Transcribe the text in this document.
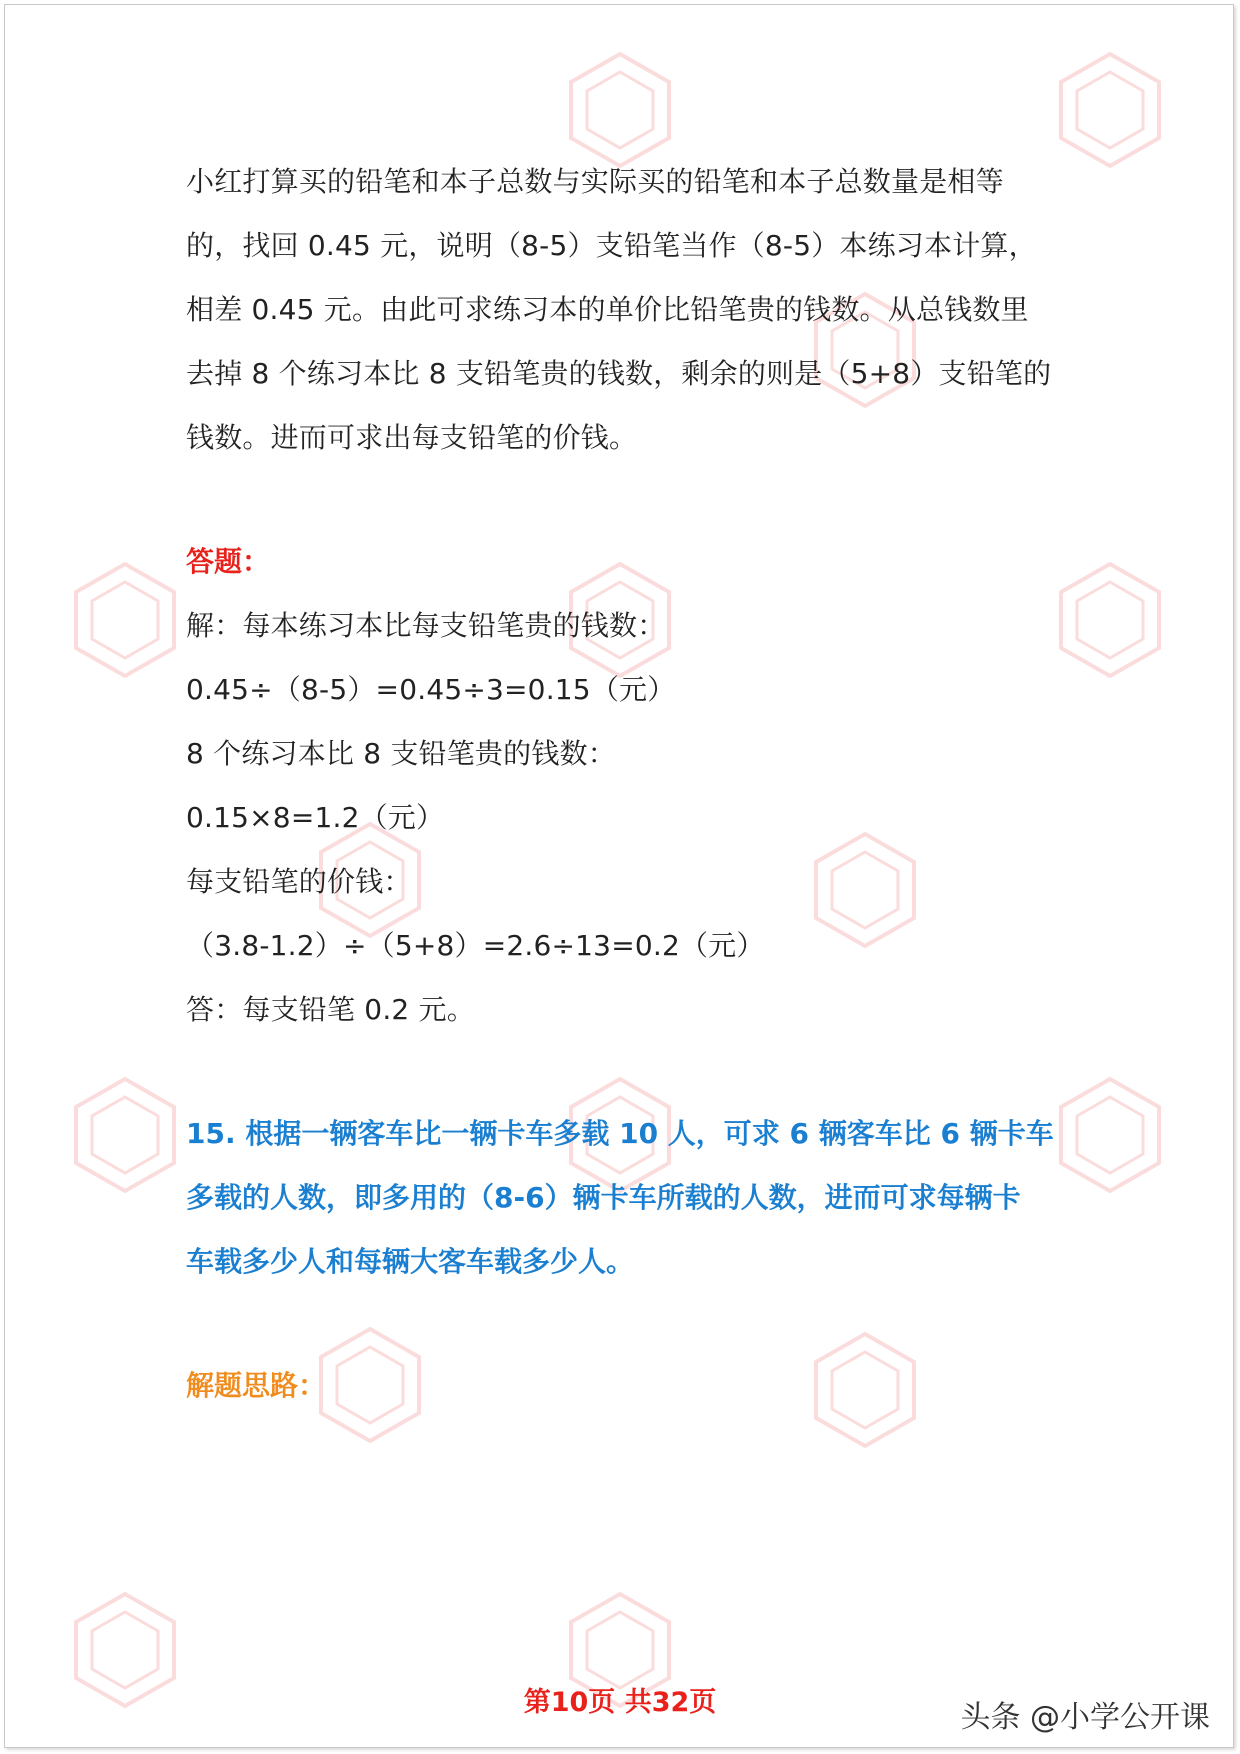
小红打算买的铅笔和本子总数与实际买的铅笔和本子总数量是相等
的，找回 0.45 元，说明（8-5）支铅笔当作（8-5）本练习本计算，
相差 0.45 元。由此可求练习本的单价比铅笔贵的钱数。从总钱数里
去掉 8 个练习本比 8 支铅笔贵的钱数，剩余的则是（5+8）支铅笔的
钱数。进而可求出每支铅笔的价钱。
答题：
解：每本练习本比每支铅笔贵的钱数：
0.45÷（8-5）=0.45÷3=0.15（元）
8 个练习本比 8 支铅笔贵的钱数：
0.15×8=1.2（元）
每支铅笔的价钱：
（3.8-1.2）÷（5+8）=2.6÷13=0.2（元）
答：每支铅笔 0.2 元。
15. 根据一辆客车比一辆卡车多载 10 人，可求 6 辆客车比 6 辆卡车
多载的人数，即多用的（8-6）辆卡车所载的人数，进而可求每辆卡
车载多少人和每辆大客车载多少人。
解题思路：
第10页 共32页	头条 @小学公开课
